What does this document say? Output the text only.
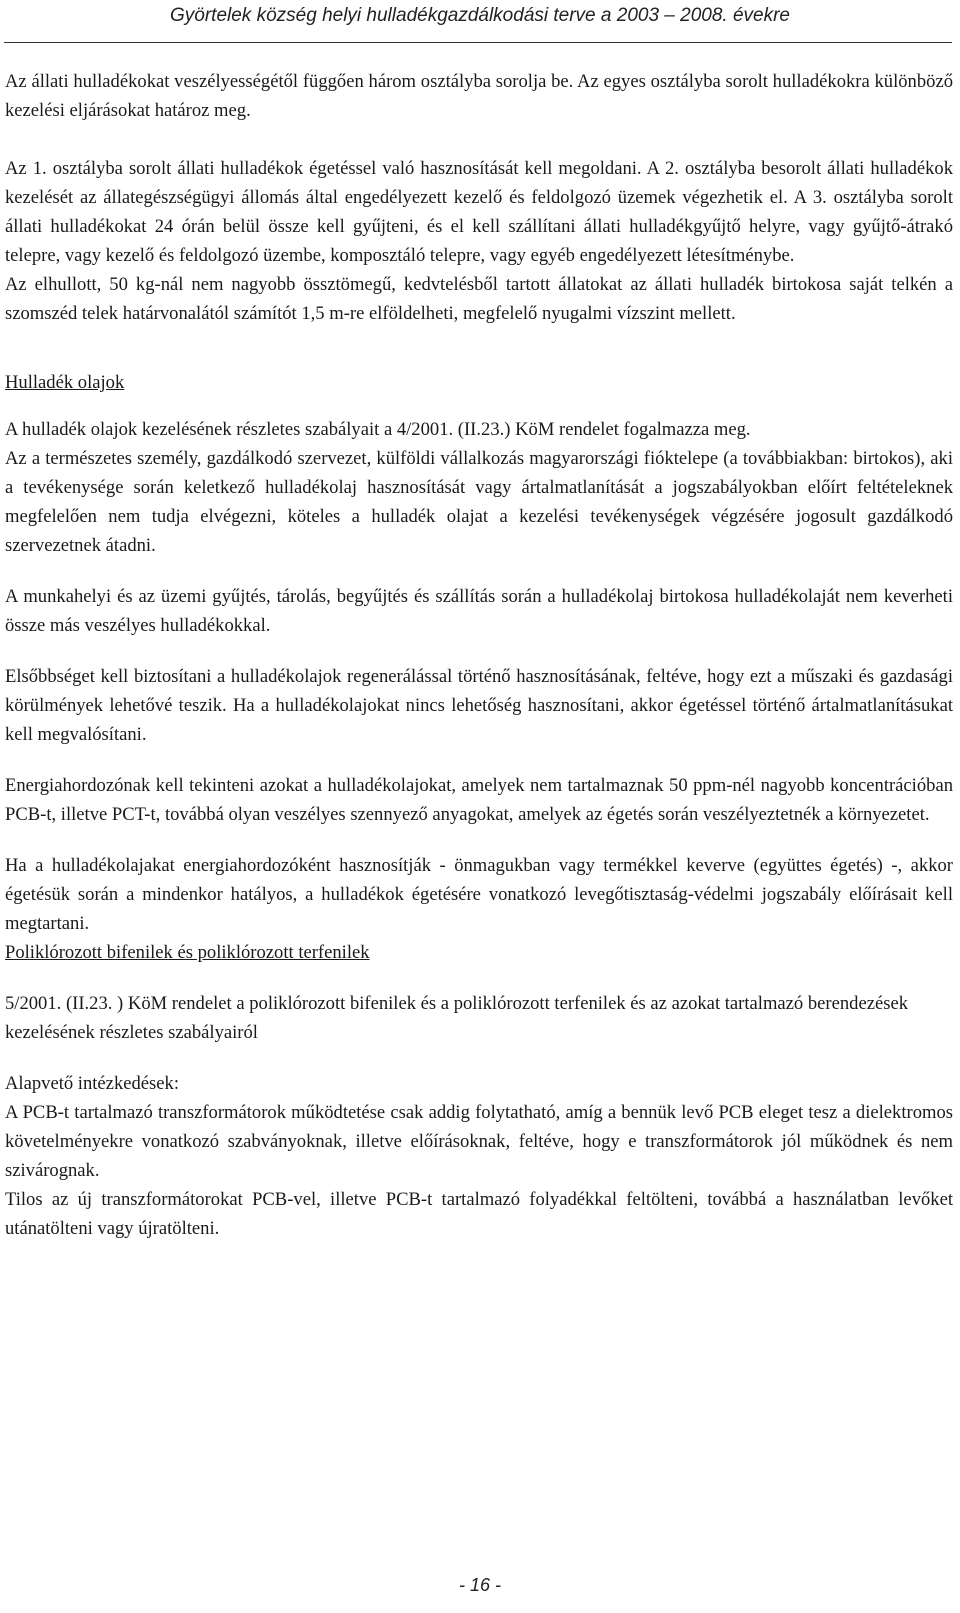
Györtelek község helyi hulladékgazdálkodási terve a 2003 – 2008. évekre

Az állati hulladékokat veszélyességétől függően három osztályba sorolja be. Az egyes osztályba sorolt hulladékokra különböző kezelési eljárásokat határoz meg.

Az 1. osztályba sorolt állati hulladékok égetéssel való hasznosítását kell megoldani. A 2. osztályba besorolt állati hulladékok kezelését az állategészségügyi állomás által engedélyezett kezelő és feldolgozó üzemek végezhetik el. A 3. osztályba sorolt állati hulladékokat 24 órán belül össze kell gyűjteni, és el kell szállítani állati hulladékgyűjtő helyre, vagy gyűjtő-átrakó telepre, vagy kezelő és feldolgozó üzembe, komposztáló telepre, vagy egyéb engedélyezett létesítménybe.

Az elhullott, 50 kg-nál nem nagyobb össztömegű, kedvtelésből tartott állatokat az állati hulladék birtokosa saját telkén a szomszéd telek határvonalától számítót 1,5 m-re elföldelheti, megfelelő nyugalmi vízszint mellett.

Hulladék olajok

A hulladék olajok kezelésének részletes szabályait a 4/2001. (II.23.) KöM rendelet fogalmazza meg.

Az a természetes személy, gazdálkodó szervezet, külföldi vállalkozás magyarországi fióktelepe (a továbbiakban: birtokos), aki a tevékenysége során keletkező hulladékolaj hasznosítását vagy ártalmatlanítását a jogszabályokban előírt feltételeknek megfelelően nem tudja elvégezni, köteles a hulladék olajat a kezelési tevékenységek végzésére jogosult gazdálkodó szervezetnek átadni.

A munkahelyi és az üzemi gyűjtés, tárolás, begyűjtés és szállítás során a hulladékolaj birtokosa hulladékolaját nem keverheti össze más veszélyes hulladékokkal.

Elsőbbséget kell biztosítani a hulladékolajok regenerálással történő hasznosításának, feltéve, hogy ezt a műszaki és gazdasági körülmények lehetővé teszik. Ha a hulladékolajokat nincs lehetőség hasznosítani, akkor égetéssel történő ártalmatlanításukat kell megvalósítani.

Energiahordozónak kell tekinteni azokat a hulladékolajokat, amelyek nem tartalmaznak 50 ppm-nél nagyobb koncentrációban PCB-t, illetve PCT-t, továbbá olyan veszélyes szennyező anyagokat, amelyek az égetés során veszélyeztetnék a környezetet.

Ha a hulladékolajakat energiahordozóként hasznosítják - önmagukban vagy termékkel keverve (együttes égetés) -, akkor égetésük során a mindenkor hatályos, a hulladékok égetésére vonatkozó levegőtisztaság-védelmi jogszabály előírásait kell megtartani.

Poliklórozott bifenilek és poliklórozott terfenilek

5/2001. (II.23. ) KöM rendelet a poliklórozott bifenilek és a poliklórozott terfenilek és az azokat tartalmazó berendezések kezelésének részletes szabályairól

Alapvető intézkedések:

A PCB-t tartalmazó transzformátorok működtetése csak addig folytatható, amíg a bennük levő PCB eleget tesz a dielektromos követelményekre vonatkozó szabványoknak, illetve előírásoknak, feltéve, hogy e transzformátorok jól működnek és nem szivárognak.

Tilos az új transzformátorokat PCB-vel, illetve PCB-t tartalmazó folyadékkal feltölteni, továbbá a használatban levőket utánatölteni vagy újratölteni.

- 16 -
